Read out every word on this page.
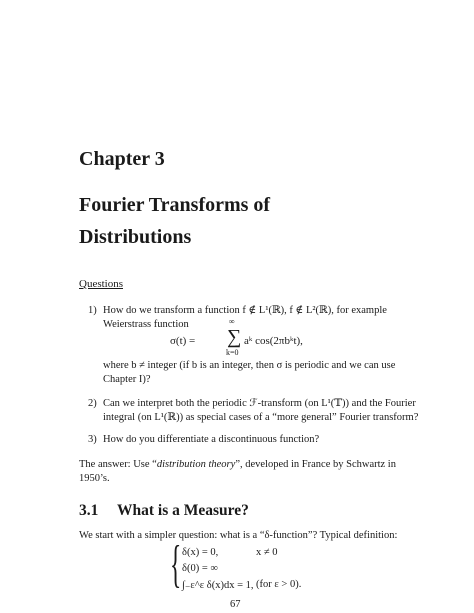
Chapter 3
Fourier Transforms of
Distributions
Questions
1) How do we transform a function f ∉ L¹(ℝ), f ∉ L²(ℝ), for example
Weierstrass function
σ(t) =
∞
∑
k=0
aᵏ cos(2πbᵏt),
where b ≠ integer (if b is an integer, then σ is periodic and we can use
Chapter I)?
2) Can we interpret both the periodic ℱ-transform (on L¹(𝕋)) and the Fourier
integral (on L¹(ℝ)) as special cases of a “more general” Fourier transform?
3) How do you differentiate a discontinuous function?
The answer: Use “distribution theory”, developed in France by Schwartz in
1950’s.
3.1 What is a Measure?
We start with a simpler question: what is a “δ-function”? Typical definition:
{ δ(x) = 0,	x ≠ 0
δ(0) = ∞
∫₋ε^ε δ(x)dx = 1, (for ε > 0).
67
